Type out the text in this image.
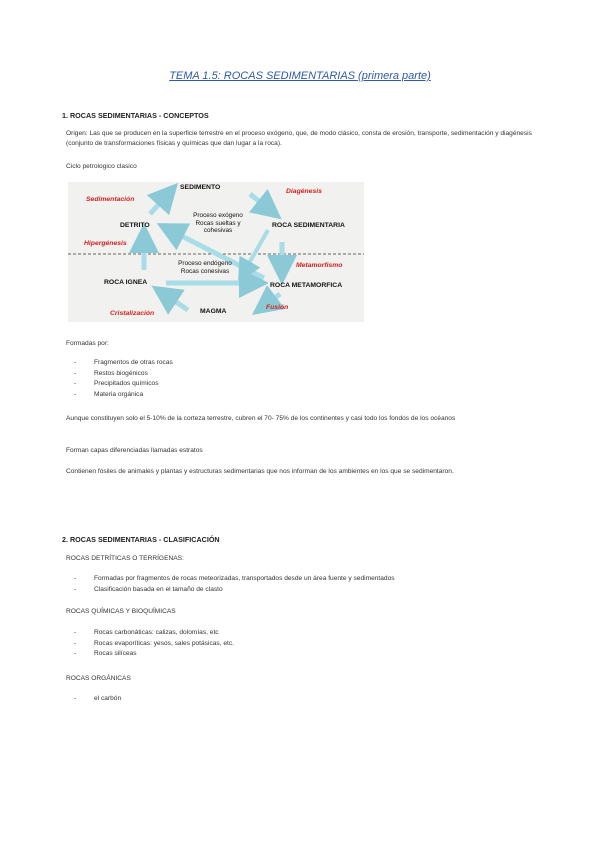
TEMA 1.5: ROCAS SEDIMENTARIAS (primera parte)
1. ROCAS SEDIMENTARIAS - CONCEPTOS
Origen: Las que se producen en la superficie terrestre en el proceso exógeno, que, de modo clásico, consta de erosión, transporte, sedimentación y diagénesis (conjunto de transformaciones físicas y químicas que dan lugar a la roca).
Ciclo petrologico clasico
SEDIMENTO
DETRITO	ROCA SEDIMENTARIA
ROCA IGNEA	ROCA METAMORFICA
MAGMA
Sedimentación
Diagénesis
Hipergénesis
Metamorfismo
Cristalización
Fusión
Proceso exógeno
Rocas sueltas y
cohesivas
Proceso endógeno
Rocas conesivas
Formadas por:
- Fragmentos de otras rocas
- Restos biogénicos
- Precipitados químicos
- Materia orgánica
Aunque constituyen solo el 5-10% de la corteza terrestre, cubren el 70- 75% de los continentes y casi todo los fondos de los océanos
Forman capas diferenciadas llamadas estratos
Contienen fósiles de animales y plantas y estructuras sedimentarias que nos informan de los ambientes en los que se sedimentaron.
2. ROCAS SEDIMENTARIAS - CLASIFICACIÓN
ROCAS DETRÍTICAS O TERRÍGENAS:
- Formadas por fragmentos de rocas meteorizadas, transportados desde un área fuente y sedimentados
- Clasificación basada en el tamaño de clasto
ROCAS QUÍMICAS Y BIOQUÍMICAS
- Rocas carbonáticas: calizas, dolomías, etc
- Rocas evaporíticas: yesos, sales potásicas, etc.
- Rocas silíceas
ROCAS ORGÁNICAS
- el carbón
